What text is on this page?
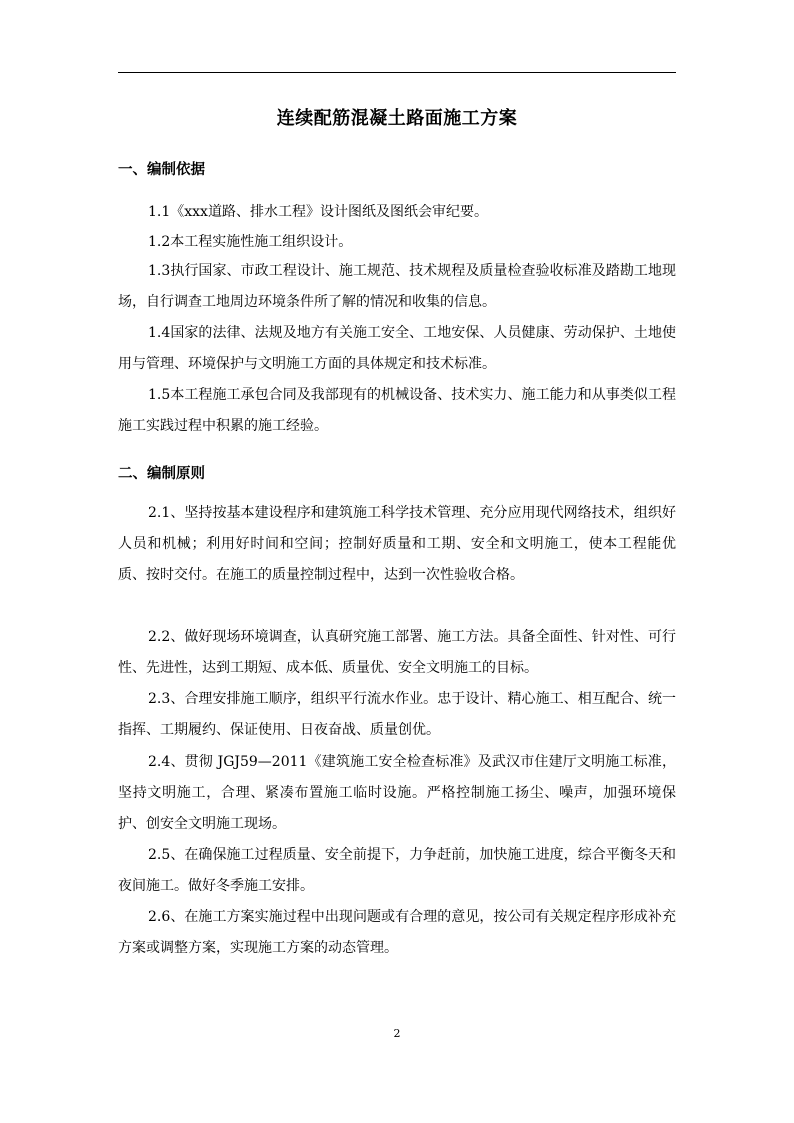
连续配筋混凝土路面施工方案
一、编制依据
1.1《xxx道路、排水工程》设计图纸及图纸会审纪要。
1.2本工程实施性施工组织设计。
1.3执行国家、市政工程设计、施工规范、技术规程及质量检查验收标准及踏勘工地现场，自行调查工地周边环境条件所了解的情况和收集的信息。
1.4国家的法律、法规及地方有关施工安全、工地安保、人员健康、劳动保护、土地使用与管理、环境保护与文明施工方面的具体规定和技术标准。
1.5本工程施工承包合同及我部现有的机械设备、技术实力、施工能力和从事类似工程施工实践过程中积累的施工经验。
二、编制原则
2.1、坚持按基本建设程序和建筑施工科学技术管理、充分应用现代网络技术，组织好人员和机械；利用好时间和空间；控制好质量和工期、安全和文明施工，使本工程能优质、按时交付。在施工的质量控制过程中，达到一次性验收合格。
2.2、做好现场环境调查，认真研究施工部署、施工方法。具备全面性、针对性、可行性、先进性，达到工期短、成本低、质量优、安全文明施工的目标。
2.3、合理安排施工顺序，组织平行流水作业。忠于设计、精心施工、相互配合、统一指挥、工期履约、保证使用、日夜奋战、质量创优。
2.4、贯彻 JGJ59—2011《建筑施工安全检查标准》及武汉市住建厅文明施工标准，坚持文明施工，合理、紧凑布置施工临时设施。严格控制施工扬尘、噪声，加强环境保护、创安全文明施工现场。
2.5、在确保施工过程质量、安全前提下，力争赶前，加快施工进度，综合平衡冬天和夜间施工。做好冬季施工安排。
2.6、在施工方案实施过程中出现问题或有合理的意见，按公司有关规定程序形成补充方案或调整方案，实现施工方案的动态管理。
2
